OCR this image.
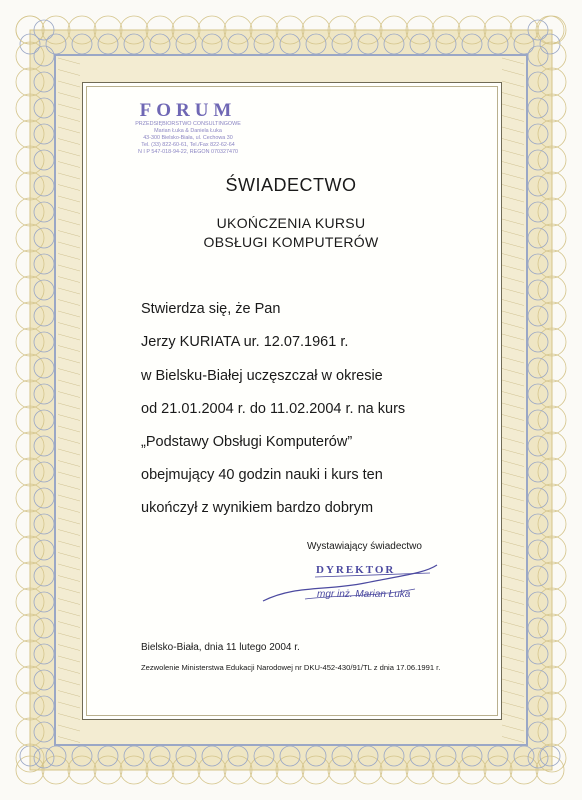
FORUM
PRZEDSIĘBIORSTWO CONSULTINGOWE
Marian Łuka & Daniela Łuka
43-300 Bielsko-Biała, ul. Cechowa 30
Tel. (33) 822-60-61, Tel./Fax 822-62-64
N I P 547-018-94-22, REGON 070327470
ŚWIADECTWO
UKOŃCZENIA KURSU
OBSŁUGI KOMPUTERÓW
Stwierdza się, że Pan
Jerzy KURIATA ur. 12.07.1961 r.
w Bielsku-Białej uczęszczał w okresie
od 21.01.2004 r. do 11.02.2004 r. na kurs
„Podstawy Obsługi Komputerów”
obejmujący 40 godzin nauki i kurs ten
ukończył z wynikiem bardzo dobrym
Wystawiający świadectwo
DYREKTOR
mgr inż. Marian Łuka
Bielsko-Biała, dnia 11 lutego 2004 r.
Zezwolenie Ministerstwa Edukacji Narodowej nr DKU-452-430/91/TL z dnia 17.06.1991 r.
